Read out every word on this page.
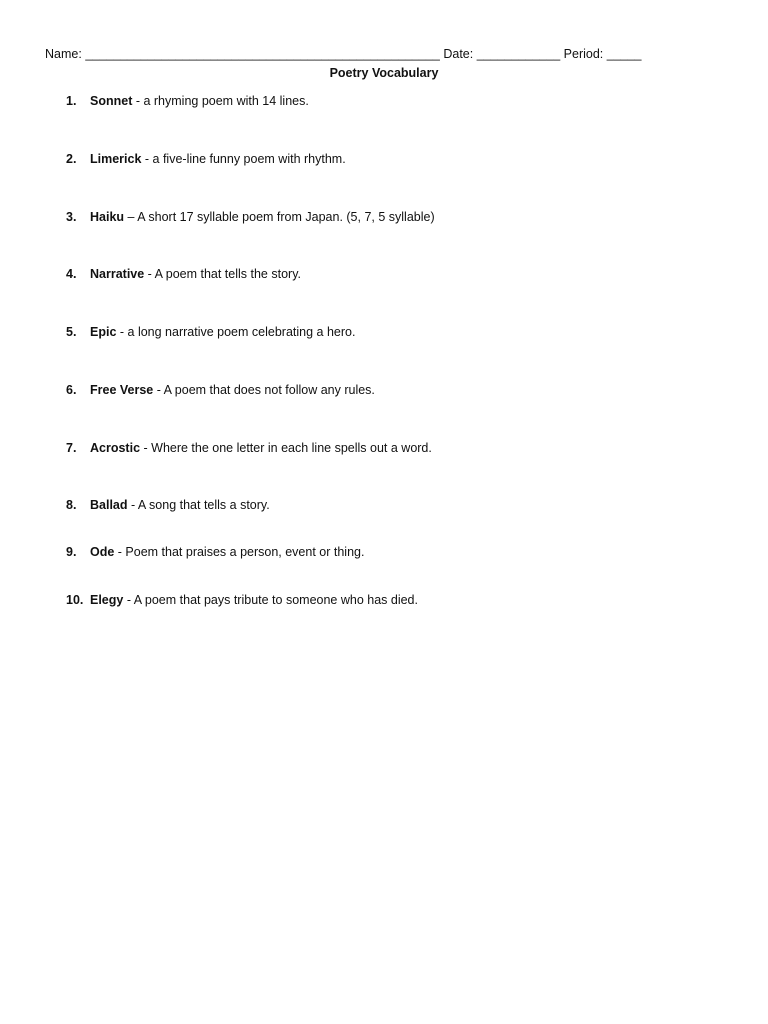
Name: ___________________________________________________ Date: ____________ Period: _____
Poetry Vocabulary
1. Sonnet - a rhyming poem with 14 lines.
2. Limerick - a five-line funny poem with rhythm.
3. Haiku – A short 17 syllable poem from Japan. (5, 7, 5 syllable)
4. Narrative - A poem that tells the story.
5. Epic - a long narrative poem celebrating a hero.
6. Free Verse - A poem that does not follow any rules.
7. Acrostic - Where the one letter in each line spells out a word.
8. Ballad - A song that tells a story.
9. Ode - Poem that praises a person, event or thing.
10. Elegy - A poem that pays tribute to someone who has died.
